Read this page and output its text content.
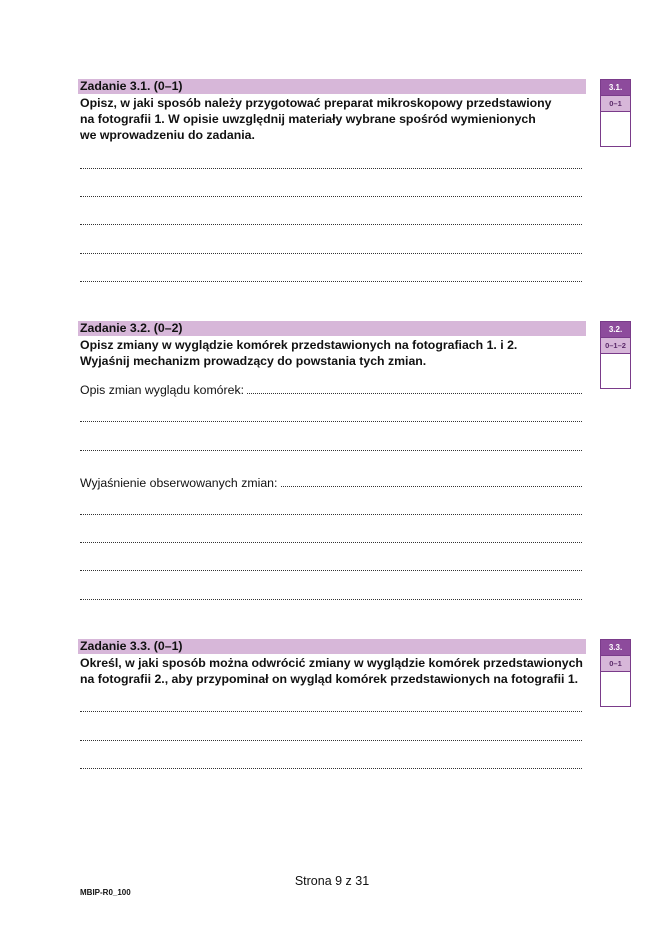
Zadanie 3.1. (0–1)
Opisz, w jaki sposób należy przygotować preparat mikroskopowy przedstawiony
na fotografii 1. W opisie uwzględnij materiały wybrane spośród wymienionych
we wprowadzeniu do zadania.
3.1.
0–1
Zadanie 3.2. (0–2)
Opisz zmiany w wyglądzie komórek przedstawionych na fotografiach 1. i 2.
Wyjaśnij mechanizm prowadzący do powstania tych zmian.
Opis zmian wyglądu komórek:
Wyjaśnienie obserwowanych zmian:
3.2.
0–1–2
Zadanie 3.3. (0–1)
Określ, w jaki sposób można odwrócić zmiany w wyglądzie komórek przedstawionych
na fotografii 2., aby przypominał on wygląd komórek przedstawionych na fotografii 1.
3.3.
0–1
Strona 9 z 31
MBIP-R0_100
